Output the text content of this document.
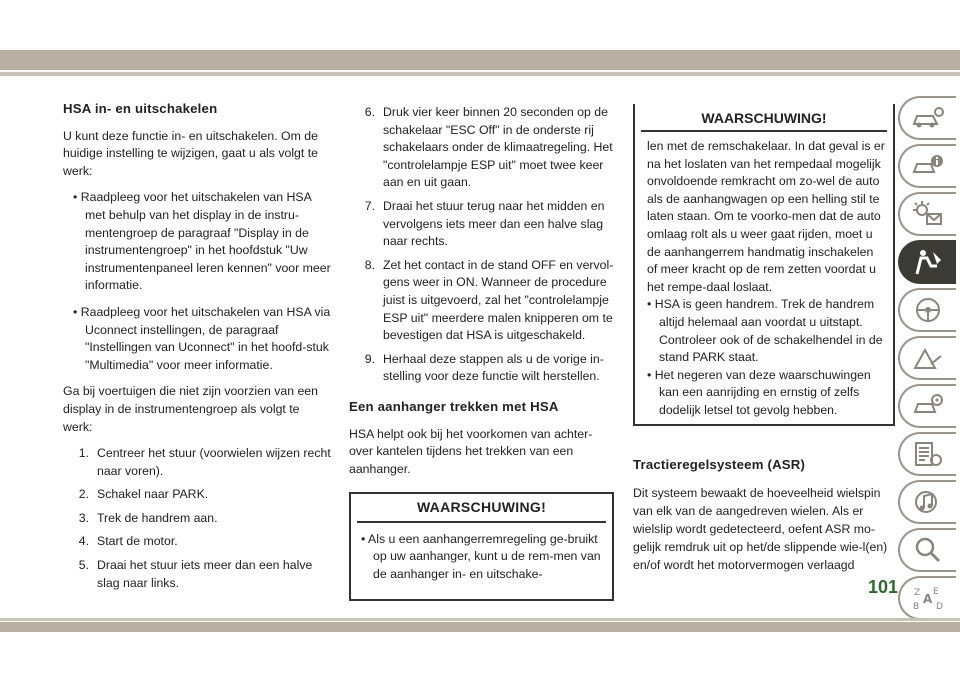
HSA in- en uitschakelen

U kunt deze functie in- en uitschakelen. Om de huidige instelling te wijzigen, gaat u als volgt te werk:

• Raadpleeg voor het uitschakelen van HSA met behulp van het display in de instru-mentengroep de paragraaf "Display in de instrumentengroep" in het hoofdstuk "Uw instrumentenpaneel leren kennen" voor meer informatie.
• Raadpleeg voor het uitschakelen van HSA via Uconnect instellingen, de paragraaf "Instellingen van Uconnect" in het hoofd-stuk "Multimedia" voor meer informatie.

Ga bij voertuigen die niet zijn voorzien van een display in de instrumentengroep als volgt te werk:

1. Centreer het stuur (voorwielen wijzen recht naar voren).
2. Schakel naar PARK.
3. Trek de handrem aan.
4. Start de motor.
5. Draai het stuur iets meer dan een halve slag naar links.
6. Druk vier keer binnen 20 seconden op de schakelaar "ESC Off" in de onderste rij schakelaars onder de klimaatregeling. Het "controlelampje ESP uit" moet twee keer aan en uit gaan.
7. Draai het stuur terug naar het midden en vervolgens iets meer dan een halve slag naar rechts.
8. Zet het contact in de stand OFF en vervol-gens weer in ON. Wanneer de procedure juist is uitgevoerd, zal het "controlelampje ESP uit" meerdere malen knipperen om te bevestigen dat HSA is uitgeschakeld.
9. Herhaal deze stappen als u de vorige in-stelling voor deze functie wilt herstellen.
Een aanhanger trekken met HSA

HSA helpt ook bij het voorkomen van achter-over kantelen tijdens het trekken van een aanhanger.

WAARSCHUWING!
• Als u een aanhangerremregeling ge-bruikt op uw aanhanger, kunt u de rem-men van de aanhanger in- en uitschake-
WAARSCHUWING!
len met de remschakelaar. In dat geval is er na het loslaten van het rempedaal mogelijk onvoldoende remkracht om zo-wel de auto als de aanhangwagen op een helling stil te laten staan. Om te voorko-men dat de auto omlaag rolt als u weer gaat rijden, moet u de aanhangerrem handmatig inschakelen of meer kracht op de rem zetten voordat u het rempe-daal loslaat.
• HSA is geen handrem. Trek de handrem altijd helemaal aan voordat u uitstapt. Controleer ook of de schakelhendel in de stand PARK staat.
• Het negeren van deze waarschuwingen kan een aanrijding en ernstig of zelfs dodelijk letsel tot gevolg hebben.
Tractieregelsysteem (ASR)

Dit systeem bewaakt de hoeveelheid wielspin van elk van de aangedreven wielen. Als er wielslip wordt gedetecteerd, oefent ASR mo-gelijk remdruk uit op het/de slippende wie-l(en) en/of wordt het motorvermogen verlaagd

Z E
A
B D
101
